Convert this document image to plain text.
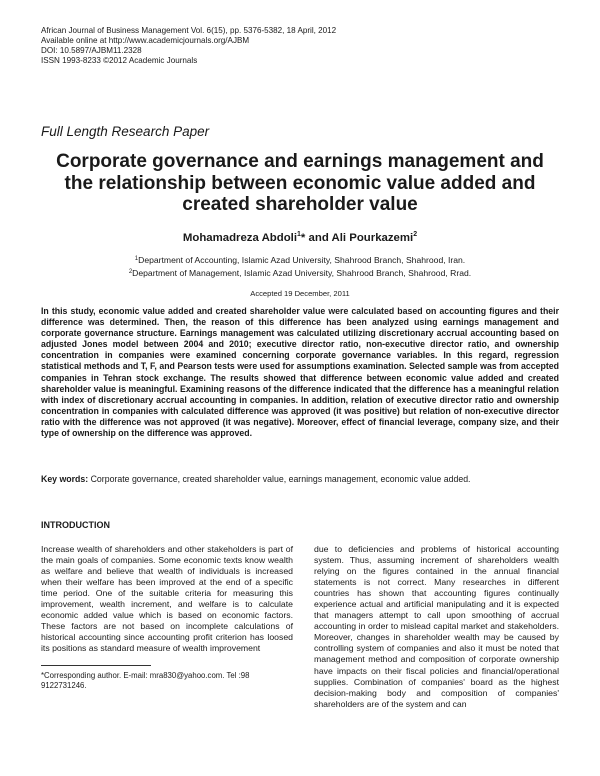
African Journal of Business Management Vol. 6(15), pp. 5376-5382, 18 April, 2012
Available online at http://www.academicjournals.org/AJBM
DOI: 10.5897/AJBM11.2328
ISSN 1993-8233 ©2012 Academic Journals
Full Length Research Paper
Corporate governance and earnings management and
the relationship between economic value added and
created shareholder value
Mohamadreza Abdoli$^1$* and Ali Pourkazemi$^2$
$^1$Department of Accounting, Islamic Azad University, Shahrood Branch, Shahrood, Iran.
$^2$Department of Management, Islamic Azad University, Shahrood Branch, Shahrood, Rrad.
Accepted 19 December, 2011

In this study, economic value added and created shareholder value were calculated based on accounting figures and their difference was determined. Then, the reason of this difference has been analyzed using earnings management and corporate governance structure. Earnings management was calculated utilizing discretionary accrual accounting based on adjusted Jones model between 2004 and 2010; executive director ratio, non-executive director ratio, and ownership concentration in companies were examined concerning corporate governance variables. In this regard, regression statistical methods and T, F, and Pearson tests were used for assumptions examination. Selected sample was from accepted companies in Tehran stock exchange. The results showed that difference between economic value added and created shareholder value is meaningful. Examining reasons of the difference indicated that the difference has a meaningful relation with index of discretionary accrual accounting in companies. In addition, relation of executive director ratio and ownership concentration in companies with calculated difference was approved (it was positive) but relation of non-executive director ratio with the difference was not approved (it was negative). Moreover, effect of financial leverage, company size, and their type of ownership on the difference was approved.

Key words: Corporate governance, created shareholder value, earnings management, economic value added.
INTRODUCTION

Increase wealth of shareholders and other stakeholders is part of the main goals of companies. Some economic texts know wealth as welfare and believe that wealth of individuals is increased when their welfare has been improved at the end of a specific time period. One of the suitable criteria for measuring this improvement, wealth increment, and welfare is to calculate economic added value which is based on economic factors. These factors are not based on incomplete calculations of historical accounting since accounting profit criterion has loosed its positions as standard measure of wealth improvement

due to deficiencies and problems of historical accounting system. Thus, assuming increment of shareholders wealth relying on the figures contained in the annual financial statements is not correct. Many researches in different countries has shown that accounting figures continually experience actual and artificial manipulating and it is expected that managers attempt to call upon smoothing of accrual accounting in order to mislead capital market and stakeholders. Moreover, changes in shareholder wealth may be caused by controlling system of companies and also it must be noted that management method and composition of corporate ownership have impacts on their fiscal policies and financial/operational supplies. Combination of companies' board as the highest decision-making body and composition of companies' shareholders are of the system and can

*Corresponding author. E-mail: mra830@yahoo.com. Tel :98 9122731246.
